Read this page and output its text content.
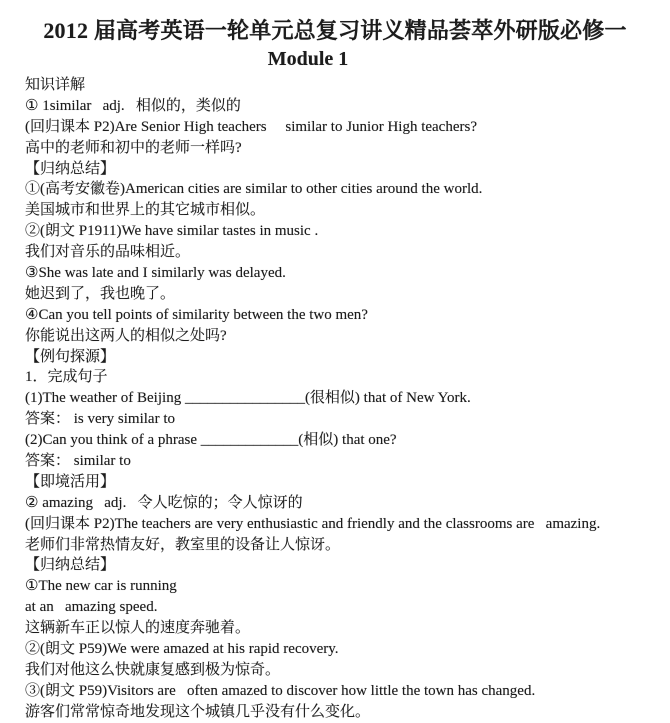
2012 届高考英语一轮单元总复习讲义精品荟萃外研版必修一
Module 1
知识详解
① 1similar   adj.   相似的，类似的
(回归课本 P2)Are Senior High teachers     similar to Junior High teachers?
高中的老师和初中的老师一样吗?
【归纳总结】
①(高考安徽卷)American cities are similar to other cities around the world.
美国城市和世界上的其它城市相似。
②(朗文 P1911)We have similar tastes in music .
我们对音乐的品味相近。
③She was late and I similarly was delayed.
她迟到了，我也晚了。
④Can you tell points of similarity between the two men?
你能说出这两人的相似之处吗?
【例句探源】
1．完成句子
(1)The weather of Beijing ________________(很相似) that of New York.
答案： is very similar to
(2)Can you think of a phrase _____________(相似) that one?
答案： similar to
【即境活用】
② amazing   adj.   令人吃惊的；令人惊讶的
(回归课本 P2)The teachers are very enthusiastic and friendly and the classrooms are   amazing.
老师们非常热情友好，教室里的设备让人惊讶。
【归纳总结】
①The new car is running
at an   amazing speed.
这辆新车正以惊人的速度奔驰着。
②(朗文 P59)We were amazed at his rapid recovery.
我们对他这么快就康复感到极为惊奇。
③(朗文 P59)Visitors are   often amazed to discover how little the town has changed.
游客们常常惊奇地发现这个城镇几乎没有什么变化。
